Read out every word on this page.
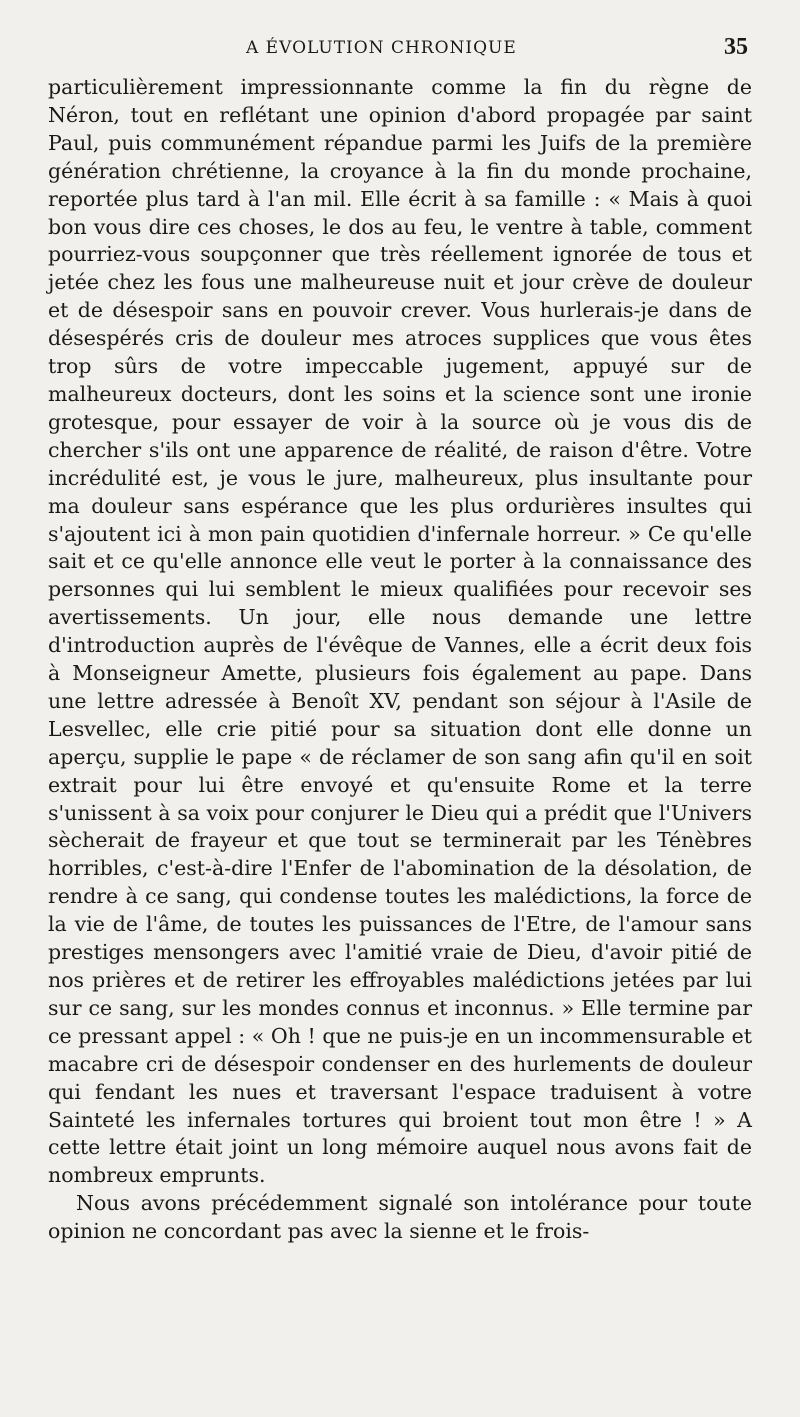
A ÉVOLUTION CHRONIQUE	35

particulièrement impressionnante comme la fin du règne de Néron, tout en reflétant une opinion d'abord propagée par saint Paul, puis communément répandue parmi les Juifs de la première génération chrétienne, la croyance à la fin du monde prochaine, reportée plus tard à l'an mil. Elle écrit à sa famille : « Mais à quoi bon vous dire ces choses, le dos au feu, le ventre à table, comment pourriez-vous soupçonner que très réellement ignorée de tous et jetée chez les fous une malheureuse nuit et jour crève de douleur et de désespoir sans en pouvoir crever. Vous hurlerais-je dans de désespérés cris de douleur mes atroces supplices que vous êtes trop sûrs de votre impeccable jugement, appuyé sur de malheureux docteurs, dont les soins et la science sont une ironie grotesque, pour essayer de voir à la source où je vous dis de chercher s'ils ont une apparence de réalité, de raison d'être. Votre incrédulité est, je vous le jure, malheureux, plus insultante pour ma douleur sans espérance que les plus ordurières insultes qui s'ajoutent ici à mon pain quotidien d'infernale horreur. » Ce qu'elle sait et ce qu'elle annonce elle veut le porter à la connaissance des personnes qui lui semblent le mieux qualifiées pour recevoir ses avertissements. Un jour, elle nous demande une lettre d'introduction auprès de l'évêque de Vannes, elle a écrit deux fois à Monseigneur Amette, plusieurs fois également au pape. Dans une lettre adressée à Benoît XV, pendant son séjour à l'Asile de Lesvellec, elle crie pitié pour sa situation dont elle donne un aperçu, supplie le pape « de réclamer de son sang afin qu'il en soit extrait pour lui être envoyé et qu'ensuite Rome et la terre s'unissent à sa voix pour conjurer le Dieu qui a prédit que l'Univers sècherait de frayeur et que tout se terminerait par les Ténèbres horribles, c'est-à-dire l'Enfer de l'abomination de la désolation, de rendre à ce sang, qui condense toutes les malédictions, la force de la vie de l'âme, de toutes les puissances de l'Etre, de l'amour sans prestiges mensongers avec l'amitié vraie de Dieu, d'avoir pitié de nos prières et de retirer les effroyables malédictions jetées par lui sur ce sang, sur les mondes connus et inconnus. » Elle termine par ce pressant appel : « Oh ! que ne puis-je en un incommensurable et macabre cri de désespoir condenser en des hurlements de douleur qui fendant les nues et traversant l'espace traduisent à votre Sainteté les infernales tortures qui broient tout mon être ! » A cette lettre était joint un long mémoire auquel nous avons fait de nombreux emprunts.

Nous avons précédemment signalé son intolérance pour toute opinion ne concordant pas avec la sienne et le frois-
